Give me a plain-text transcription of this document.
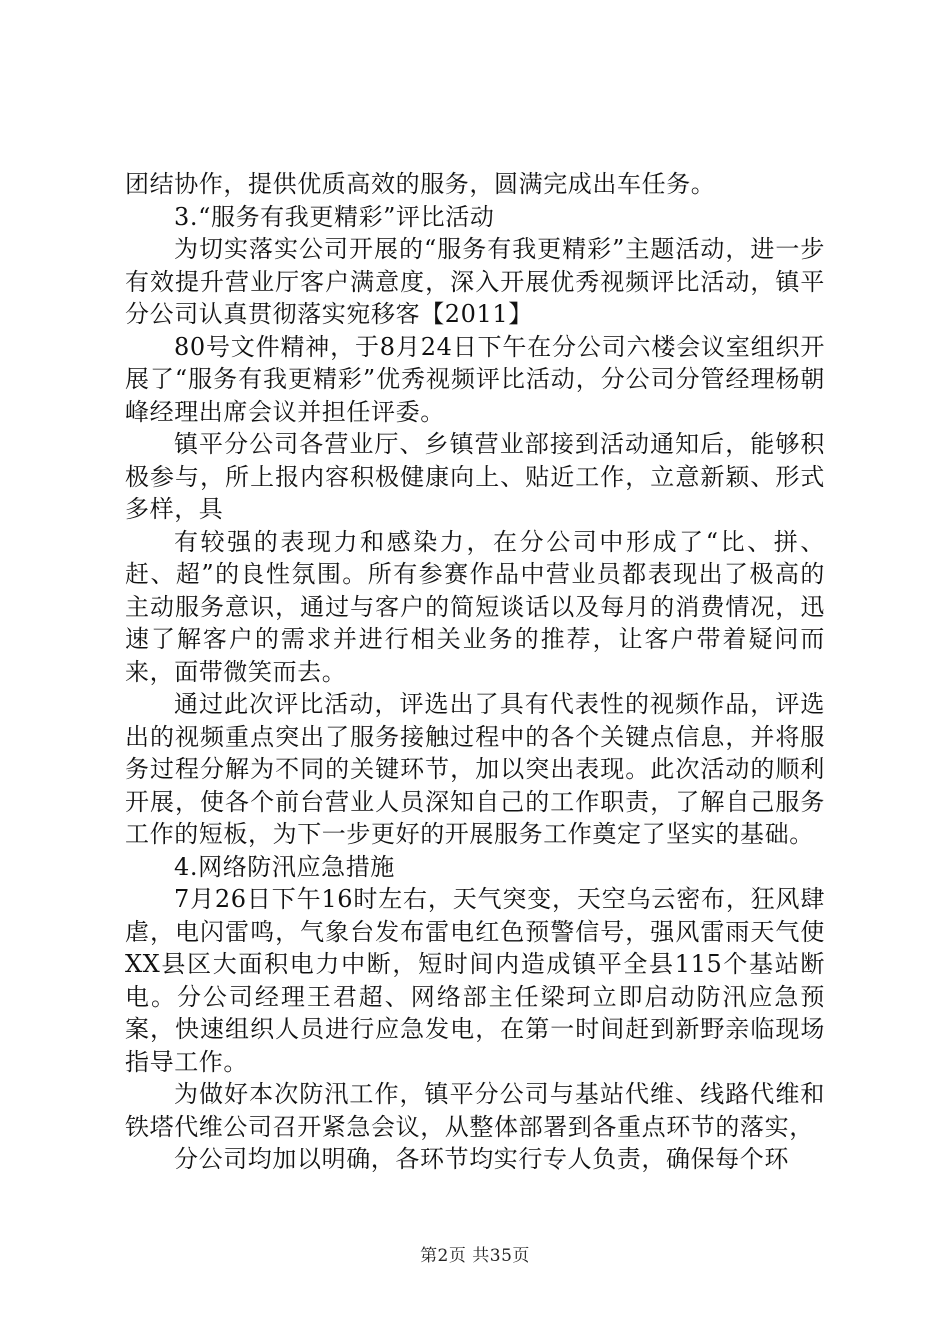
团结协作，提供优质高效的服务，圆满完成出车任务。

3.“服务有我更精彩”评比活动

为切实落实公司开展的“服务有我更精彩”主题活动，进一步有效提升营业厅客户满意度，深入开展优秀视频评比活动，镇平分公司认真贯彻落实宛移客【2011】

80号文件精神，于8月24日下午在分公司六楼会议室组织开展了“服务有我更精彩”优秀视频评比活动，分公司分管经理杨朝峰经理出席会议并担任评委。

镇平分公司各营业厅、乡镇营业部接到活动通知后，能够积极参与，所上报内容积极健康向上、贴近工作，立意新颖、形式多样，具

有较强的表现力和感染力，在分公司中形成了“比、拼、赶、超”的良性氛围。所有参赛作品中营业员都表现出了极高的主动服务意识，通过与客户的简短谈话以及每月的消费情况，迅速了解客户的需求并进行相关业务的推荐，让客户带着疑问而来，面带微笑而去。

通过此次评比活动，评选出了具有代表性的视频作品，评选出的视频重点突出了服务接触过程中的各个关键点信息，并将服务过程分解为不同的关键环节，加以突出表现。此次活动的顺利开展，使各个前台营业人员深知自己的工作职责，了解自己服务工作的短板，为下一步更好的开展服务工作奠定了坚实的基础。

4.网络防汛应急措施

7月26日下午16时左右，天气突变，天空乌云密布，狂风肆虐，电闪雷鸣，气象台发布雷电红色预警信号，强风雷雨天气使XX县区大面积电力中断，短时间内造成镇平全县115个基站断电。分公司经理王君超、网络部主任梁珂立即启动防汛应急预案，快速组织人员进行应急发电，在第一时间赶到新野亲临现场指导工作。

为做好本次防汛工作，镇平分公司与基站代维、线路代维和铁塔代维公司召开紧急会议，从整体部署到各重点环节的落实，

分公司均加以明确，各环节均实行专人负责，确保每个环

第2页 共35页
